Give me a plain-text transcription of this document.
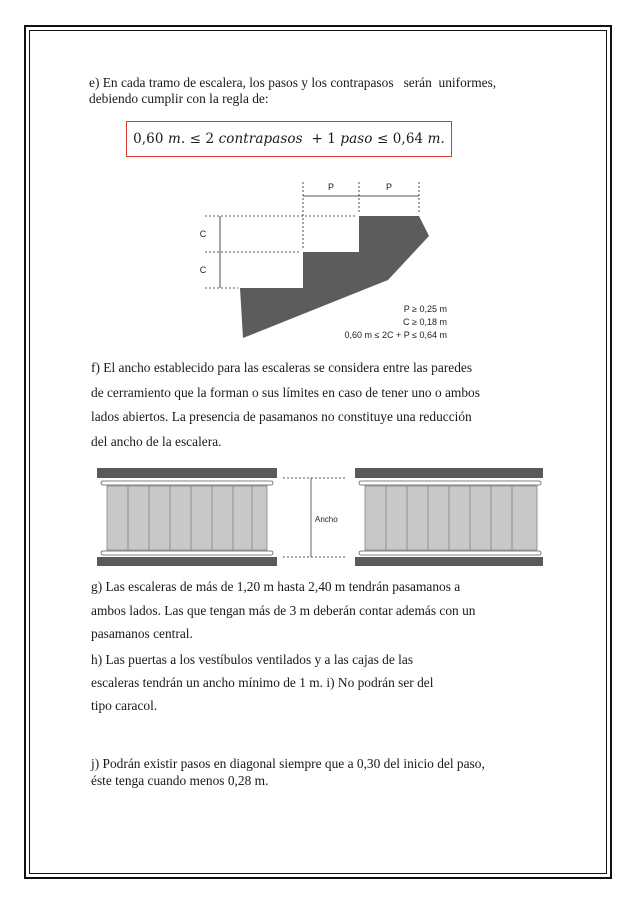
e) En cada tramo de escalera, los pasos y los contrapasos   serán  uniformes,
debiendo cumplir con la regla de:
0,60
m.
≤ 2
contrapasos
+ 1
paso
≤ 0,64
m.
P	P
C
C
P ≥ 0,25 m
C ≥ 0,18 m
0,60 m ≤ 2C + P ≤ 0,64 m
f) El ancho establecido para las escaleras se considera entre las paredes
de cerramiento que la forman o sus límites en caso de tener uno o ambos
lados abiertos. La presencia de pasamanos no constituye una reducción
del ancho de la escalera.
Ancho
g) Las escaleras de más de 1,20 m hasta 2,40 m tendrán pasamanos a
ambos lados. Las que tengan más de 3 m deberán contar además con un
pasamanos central.
h) Las puertas a los vestíbulos ventilados y a las cajas de las
escaleras tendrán un ancho mínimo de 1 m. i) No podrán ser del
tipo caracol.
j) Podrán existir pasos en diagonal siempre que a 0,30 del inicio del paso,
éste tenga cuando menos 0,28 m.
